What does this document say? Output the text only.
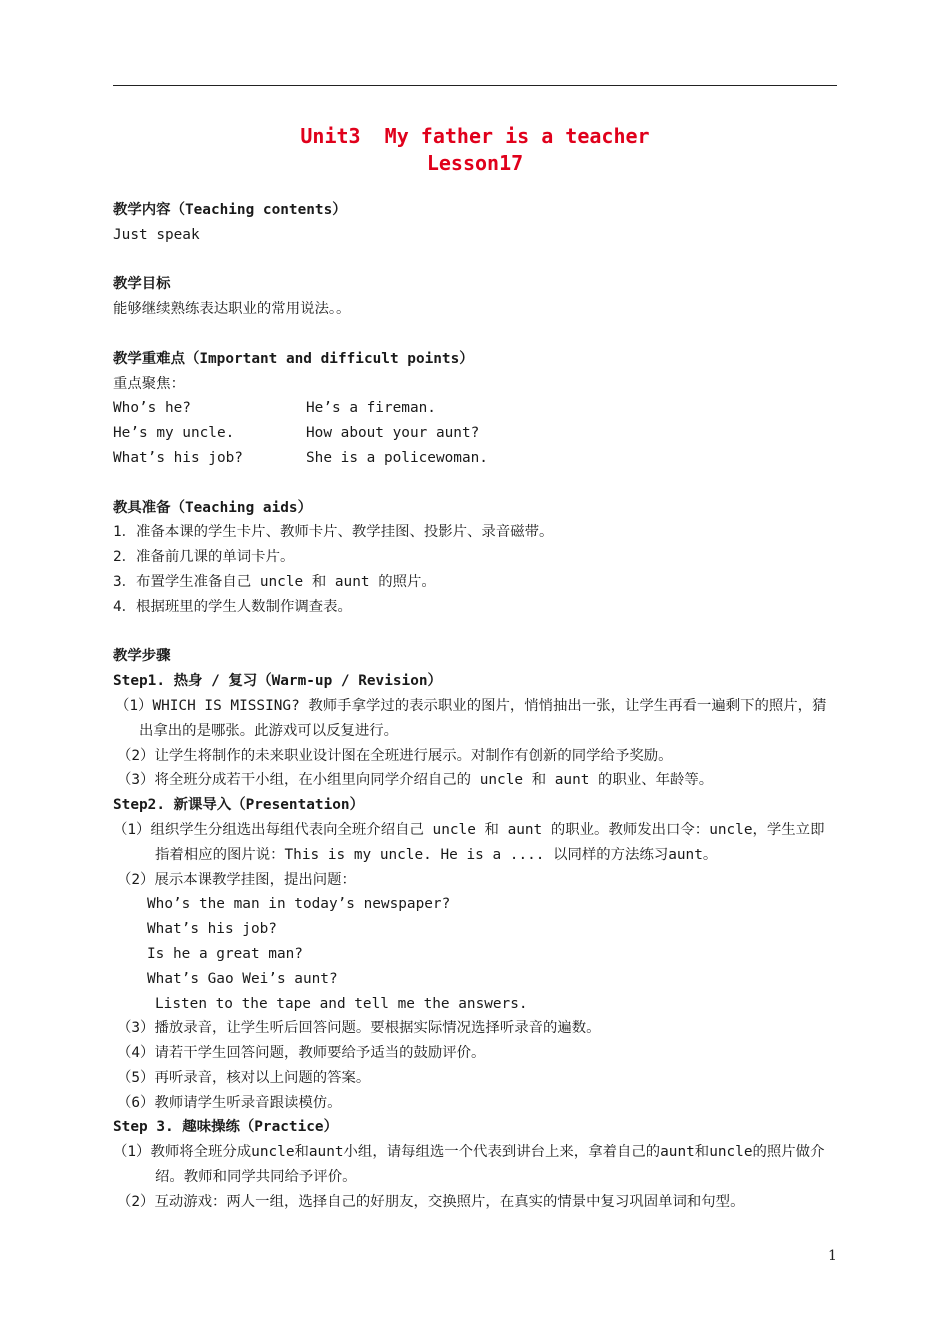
Unit3  My father is a teacher
Lesson17
教学内容（Teaching contents）
Just speak
教学目标
能够继续熟练表达职业的常用说法。。
教学重难点（Important and difficult points）
重点聚焦：
Who’s he?	He’s a fireman.
He’s my uncle.	How about your aunt?
What’s his job?	She is a policewoman.
教具准备（Teaching aids）
1．准备本课的学生卡片、教师卡片、教学挂图、投影片、录音磁带。
2．准备前几课的单词卡片。
3．布置学生准备自己 uncle 和 aunt 的照片。
4．根据班里的学生人数制作调查表。
教学步骤
Step1. 热身 / 复习（Warm-up / Revision）
（1）WHICH IS MISSING? 教师手拿学过的表示职业的图片，悄悄抽出一张，让学生再看一遍剩下的照片，猜出拿出的是哪张。此游戏可以反复进行。
（2）让学生将制作的未来职业设计图在全班进行展示。对制作有创新的同学给予奖励。
（3）将全班分成若干小组，在小组里向同学介绍自己的 uncle 和 aunt 的职业、年龄等。
Step2. 新课导入（Presentation）
（1）组织学生分组选出每组代表向全班介绍自己 uncle 和 aunt 的职业。教师发出口令：uncle，学生立即指着相应的图片说：This is my uncle. He is a .... 以同样的方法练习aunt。
（2）展示本课教学挂图，提出问题：
Who’s the man in today’s newspaper?
What’s his job?
Is he a great man?
What’s Gao Wei’s aunt?
Listen to the tape and tell me the answers.
（3）播放录音，让学生听后回答问题。要根据实际情况选择听录音的遍数。
（4）请若干学生回答问题，教师要给予适当的鼓励评价。
（5）再听录音，核对以上问题的答案。
（6）教师请学生听录音跟读模仿。
Step 3. 趣味操练（Practice）
（1）教师将全班分成uncle和aunt小组，请每组选一个代表到讲台上来，拿着自己的aunt和uncle的照片做介绍。教师和同学共同给予评价。
（2）互动游戏：两人一组，选择自己的好朋友，交换照片，在真实的情景中复习巩固单词和句型。
1
